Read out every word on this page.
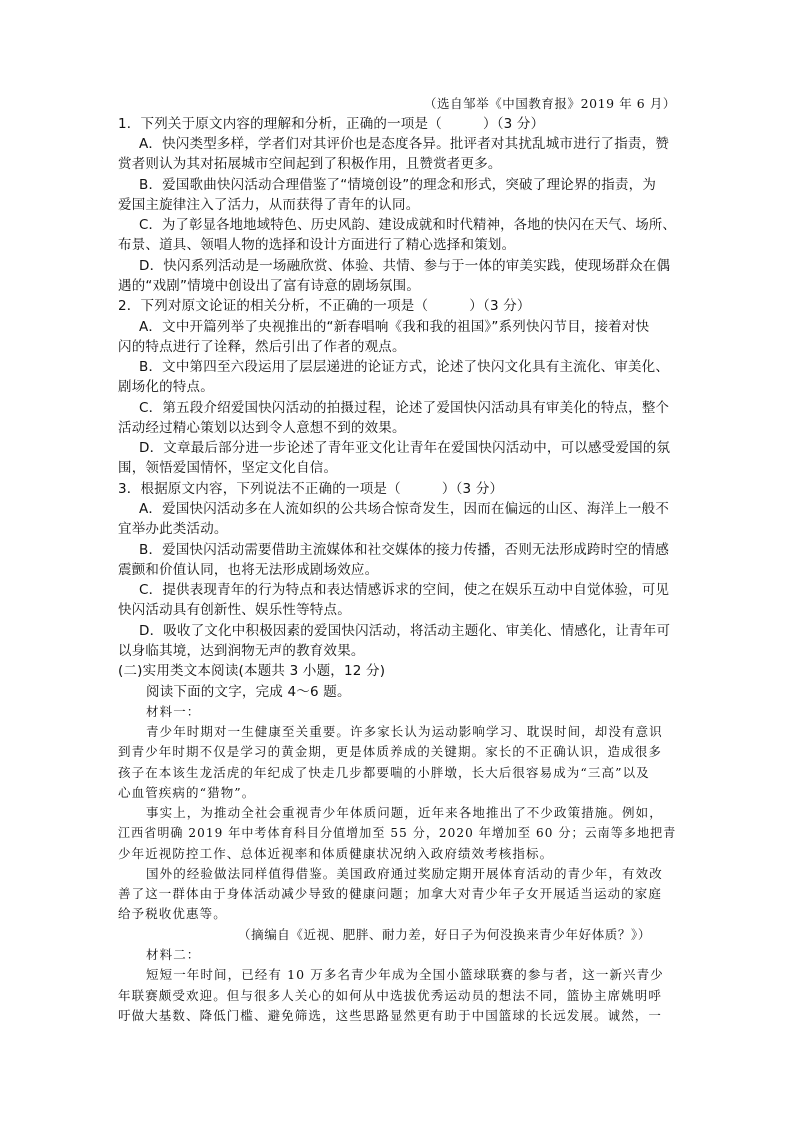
（选自邹举《中国教育报》2019 年 6 月）
1．下列关于原文内容的理解和分析，正确的一项是（　　　）（3 分）
A．快闪类型多样，学者们对其评价也是态度各异。批评者对其扰乱城市进行了指责，赞
赏者则认为其对拓展城市空间起到了积极作用，且赞赏者更多。
B．爱国歌曲快闪活动合理借鉴了“情境创设”的理念和形式，突破了理论界的指责，为
爱国主旋律注入了活力，从而获得了青年的认同。
C．为了彰显各地地域特色、历史风韵、建设成就和时代精神，各地的快闪在天气、场所、
布景、道具、领唱人物的选择和设计方面进行了精心选择和策划。
D．快闪系列活动是一场融欣赏、体验、共情、参与于一体的审美实践，使现场群众在偶
遇的“戏剧”情境中创设出了富有诗意的剧场氛围。
2．下列对原文论证的相关分析，不正确的一项是（　　　）（3 分）
A．文中开篇列举了央视推出的“新春唱响《我和我的祖国》”系列快闪节目，接着对快
闪的特点进行了诠释，然后引出了作者的观点。
B．文中第四至六段运用了层层递进的论证方式，论述了快闪文化具有主流化、审美化、
剧场化的特点。
C．第五段介绍爱国快闪活动的拍摄过程，论述了爱国快闪活动具有审美化的特点，整个
活动经过精心策划以达到令人意想不到的效果。
D．文章最后部分进一步论述了青年亚文化让青年在爱国快闪活动中，可以感受爱国的氛
围，领悟爱国情怀，坚定文化自信。
3．根据原文内容，下列说法不正确的一项是（　　　）（3 分）
A．爱国快闪活动多在人流如织的公共场合惊奇发生，因而在偏远的山区、海洋上一般不
宜举办此类活动。
B．爱国快闪活动需要借助主流媒体和社交媒体的接力传播，否则无法形成跨时空的情感
震颤和价值认同，也将无法形成剧场效应。
C．提供表现青年的行为特点和表达情感诉求的空间，使之在娱乐互动中自觉体验，可见
快闪活动具有创新性、娱乐性等特点。
D．吸收了文化中积极因素的爱国快闪活动，将活动主题化、审美化、情感化，让青年可
以身临其境，达到润物无声的教育效果。
(二)实用类文本阅读(本题共 3 小题，12 分)
阅读下面的文字，完成 4～6 题。
材料一：
青少年时期对一生健康至关重要。许多家长认为运动影响学习、耽误时间，却没有意识
到青少年时期不仅是学习的黄金期，更是体质养成的关键期。家长的不正确认识，造成很多
孩子在本该生龙活虎的年纪成了快走几步都要喘的小胖墩，长大后很容易成为“三高”以及
心血管疾病的“猎物”。
事实上，为推动全社会重视青少年体质问题，近年来各地推出了不少政策措施。例如，
江西省明确 2019 年中考体育科目分值增加至 55 分，2020 年增加至 60 分；云南等多地把青
少年近视防控工作、总体近视率和体质健康状况纳入政府绩效考核指标。
国外的经验做法同样值得借鉴。美国政府通过奖励定期开展体育活动的青少年，有效改
善了这一群体由于身体活动减少导致的健康问题；加拿大对青少年子女开展适当运动的家庭
给予税收优惠等。
（摘编自《近视、肥胖、耐力差，好日子为何没换来青少年好体质？》）
材料二：
短短一年时间，已经有 10 万多名青少年成为全国小篮球联赛的参与者，这一新兴青少
年联赛颇受欢迎。但与很多人关心的如何从中选拔优秀运动员的想法不同，篮协主席姚明呼
吁做大基数、降低门槛、避免筛选，这些思路显然更有助于中国篮球的长远发展。诚然，一
